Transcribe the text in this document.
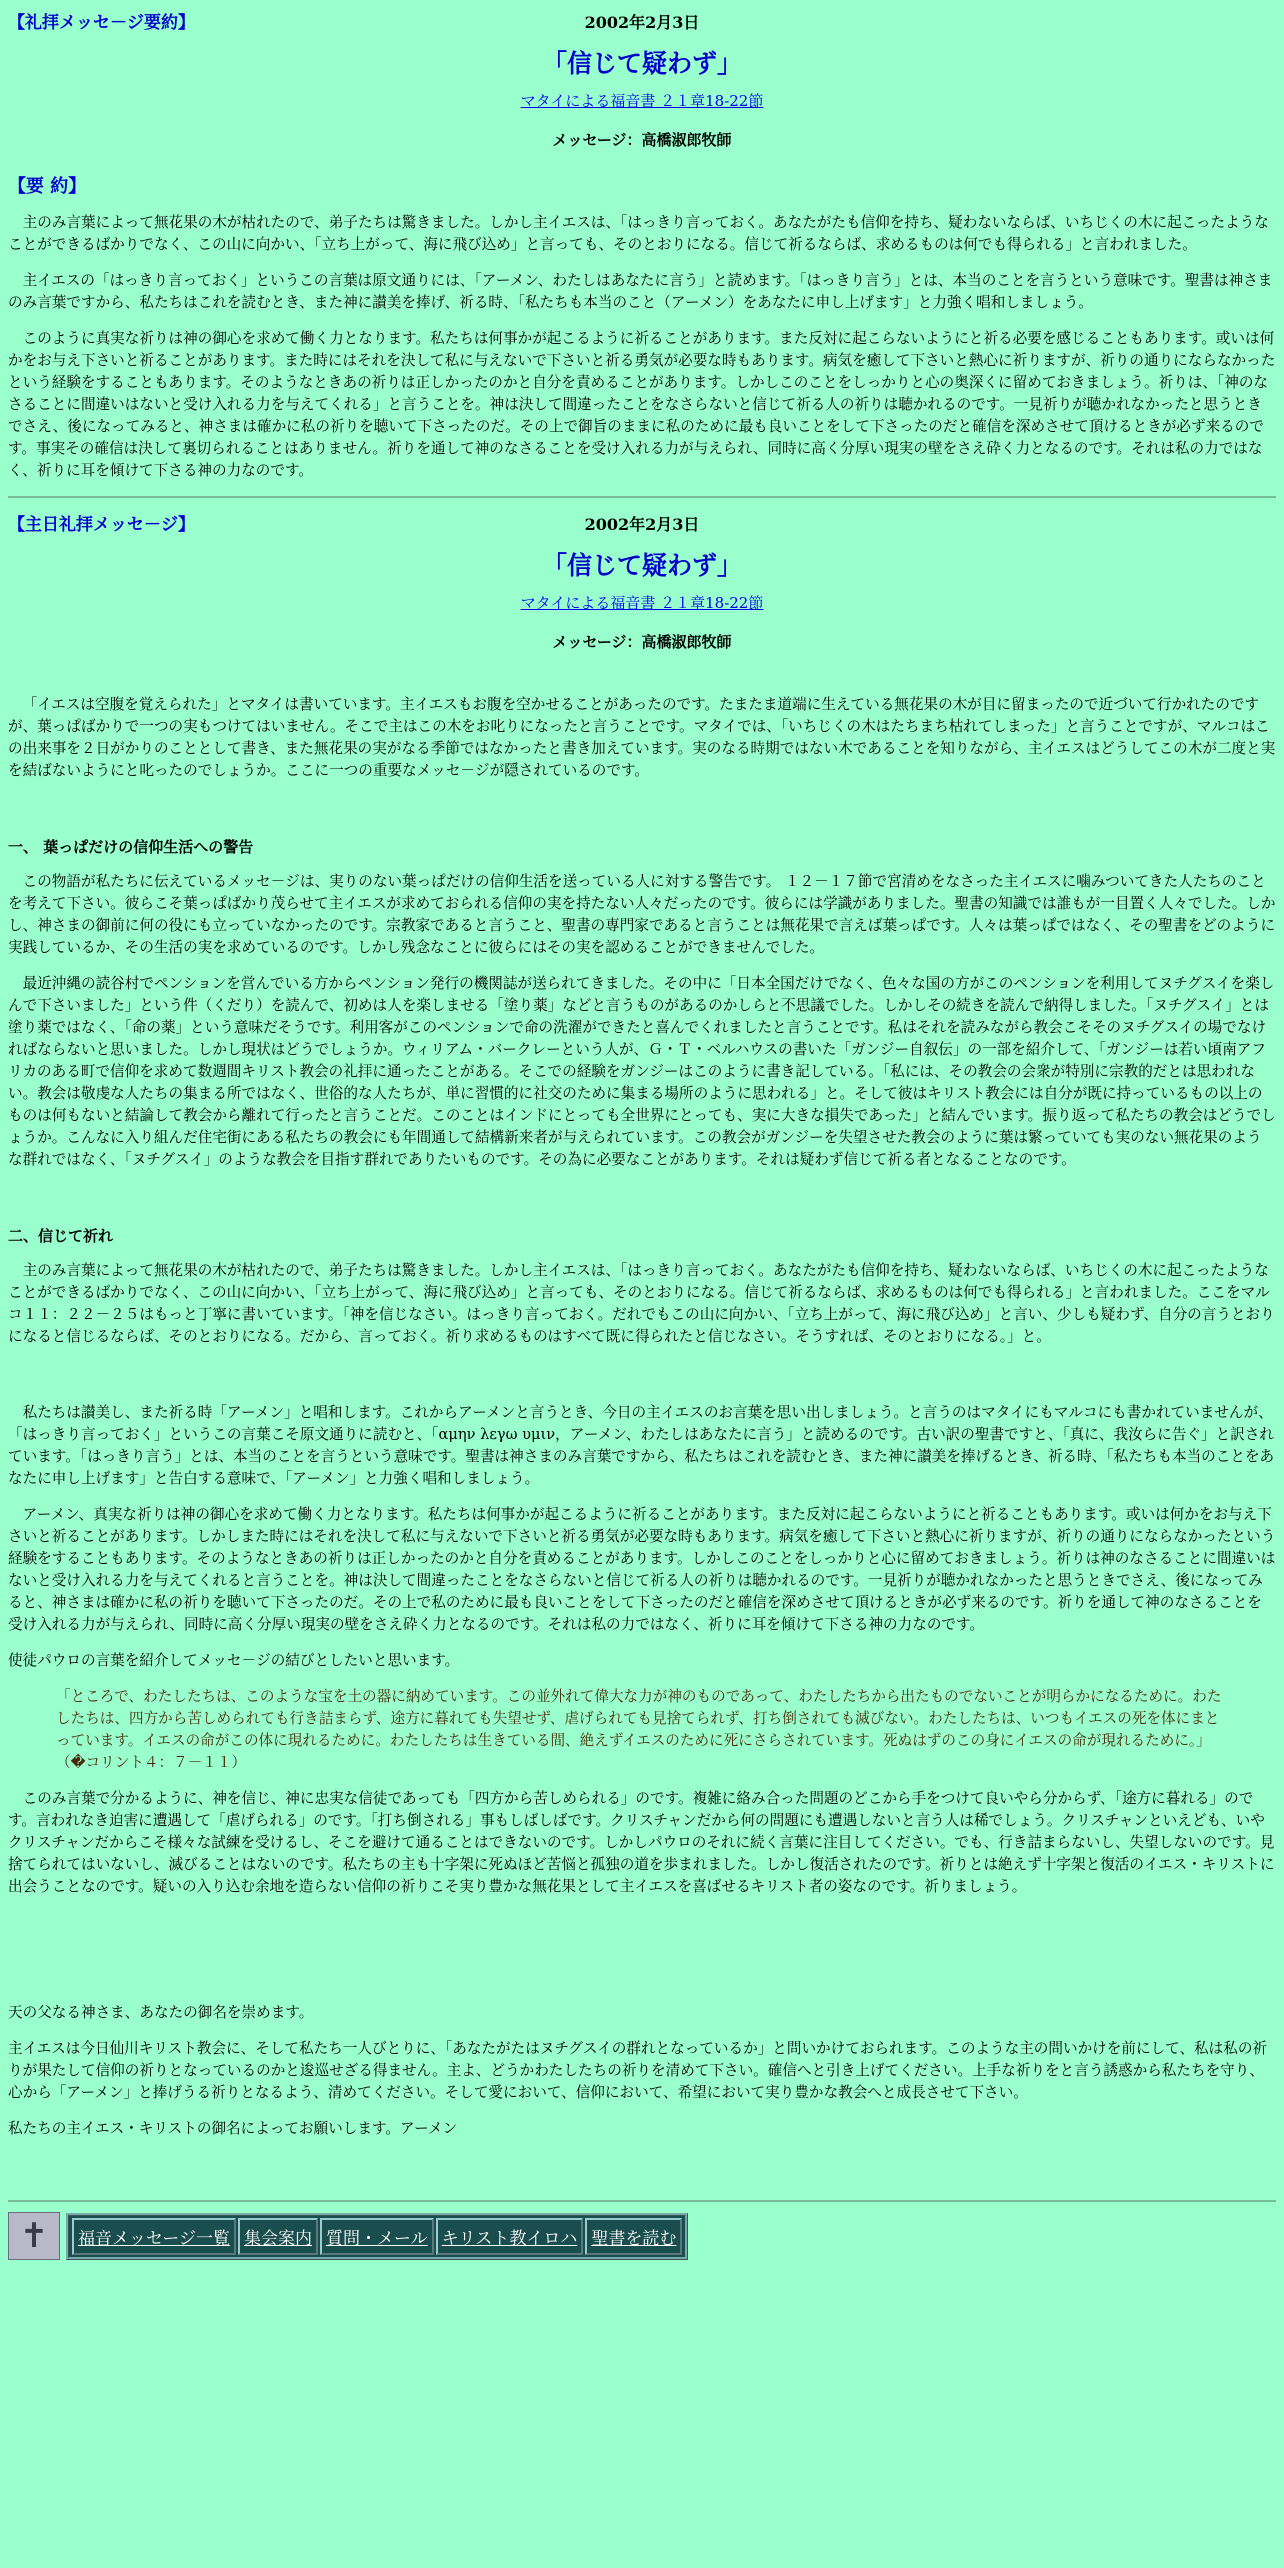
【礼拝メッセ－ジ要約】	2002年2月3日
「信じて疑わず」
マタイによる福音書 ２１章18-22節
メッセージ：高橋淑郎牧師
【要 約】

主のみ言葉によって無花果の木が枯れたので、弟子たちは驚きました。しかし主イエスは、「はっきり言っておく。あなたがたも信仰を持ち、疑わないならば、いちじくの木に起こったようなことができるばかりでなく、この山に向かい、「立ち上がって、海に飛び込め」と言っても、そのとおりになる。信じて祈るならば、求めるものは何でも得られる」と言われました。

主イエスの「はっきり言っておく」というこの言葉は原文通りには、「アーメン、わたしはあなたに言う」と読めます。「はっきり言う」とは、本当のことを言うという意味です。聖書は神さまのみ言葉ですから、私たちはこれを読むとき、また神に讃美を捧げ、祈る時、「私たちも本当のこと（アーメン）をあなたに申し上げます」と力強く唱和しましょう。

このように真実な祈りは神の御心を求めて働く力となります。私たちは何事かが起こるように祈ることがあります。また反対に起こらないようにと祈る必要を感じることもあります。或いは何かをお与え下さいと祈ることがあります。また時にはそれを決して私に与えないで下さいと祈る勇気が必要な時もあります。病気を癒して下さいと熱心に祈りますが、祈りの通りにならなかったという経験をすることもあります。そのようなときあの祈りは正しかったのかと自分を責めることがあります。しかしこのことをしっかりと心の奥深くに留めておきましょう。祈りは、「神のなさることに間違いはないと受け入れる力を与えてくれる」と言うことを。神は決して間違ったことをなさらないと信じて祈る人の祈りは聴かれるのです。一見祈りが聴かれなかったと思うときでさえ、後になってみると、神さまは確かに私の祈りを聴いて下さったのだ。その上で御旨のままに私のために最も良いことをして下さったのだと確信を深めさせて頂けるときが必ず来るのです。事実その確信は決して裏切られることはありません。祈りを通して神のなさることを受け入れる力が与えられ、同時に高く分厚い現実の壁をさえ砕く力となるのです。それは私の力ではなく、祈りに耳を傾けて下さる神の力なのです。

【主日礼拝メッセ－ジ】	2002年2月3日
「信じて疑わず」
マタイによる福音書 ２１章18-22節
メッセージ：高橋淑郎牧師

「イエスは空腹を覚えられた」とマタイは書いています。主イエスもお腹を空かせることがあったのです。たまたま道端に生えている無花果の木が目に留まったので近づいて行かれたのですが、葉っぱばかりで一つの実もつけてはいません。そこで主はこの木をお叱りになったと言うことです。マタイでは、「いちじくの木はたちまち枯れてしまった」と言うことですが、マルコはこの出来事を２日がかりのこととして書き、また無花果の実がなる季節ではなかったと書き加えています。実のなる時期ではない木であることを知りながら、主イエスはどうしてこの木が二度と実を結ばないようにと叱ったのでしょうか。ここに一つの重要なメッセ－ジが隠されているのです。

一、 葉っぱだけの信仰生活への警告

この物語が私たちに伝えているメッセ－ジは、実りのない葉っぱだけの信仰生活を送っている人に対する警告です。 １２－１７節で宮清めをなさった主イエスに噛みついてきた人たちのことを考えて下さい。彼らこそ葉っぱばかり茂らせて主イエスが求めておられる信仰の実を持たない人々だったのです。彼らには学識がありました。聖書の知識では誰もが一目置く人々でした。しかし、神さまの御前に何の役にも立っていなかったのです。宗教家であると言うこと、聖書の専門家であると言うことは無花果で言えば葉っぱです。人々は葉っぱではなく、その聖書をどのように実践しているか、その生活の実を求めているのです。しかし残念なことに彼らにはその実を認めることができませんでした。

最近沖縄の読谷村でペンションを営んでいる方からペンション発行の機関誌が送られてきました。その中に「日本全国だけでなく、色々な国の方がこのペンションを利用してヌチグスイを楽しんで下さいました」という件（くだり）を読んで、初めは人を楽しませる「塗り薬」などと言うものがあるのかしらと不思議でした。しかしその続きを読んで納得しました。「ヌチグスイ」とは塗り薬ではなく、「命の薬」という意味だそうです。利用客がこのペンションで命の洗濯ができたと喜んでくれましたと言うことです。私はそれを読みながら教会こそそのヌチグスイの場でなければならないと思いました。しかし現状はどうでしょうか。ウィリアム・バークレーという人が、Ｇ・Ｔ・ベルハウスの書いた「ガンジー自叙伝」の一部を紹介して、「ガンジーは若い頃南アフリカのある町で信仰を求めて数週間キリスト教会の礼拝に通ったことがある。そこでの経験をガンジーはこのように書き記している。「私には、その教会の会衆が特別に宗教的だとは思われない。教会は敬虔な人たちの集まる所ではなく、世俗的な人たちが、単に習慣的に社交のために集まる場所のように思われる」と。そして彼はキリスト教会には自分が既に持っているもの以上のものは何もないと結論して教会から離れて行ったと言うことだ。このことはインドにとっても全世界にとっても、実に大きな損失であった」と結んでいます。振り返って私たちの教会はどうでしょうか。こんなに入り組んだ住宅街にある私たちの教会にも年間通して結構新来者が与えられています。この教会がガンジーを失望させた教会のように葉は繁っていても実のない無花果のような群れではなく、「ヌチグスイ」のような教会を目指す群れでありたいものです。その為に必要なことがあります。それは疑わず信じて祈る者となることなのです。

二、信じて祈れ

主のみ言葉によって無花果の木が枯れたので、弟子たちは驚きました。しかし主イエスは、「はっきり言っておく。あなたがたも信仰を持ち、疑わないならば、いちじくの木に起こったようなことができるばかりでなく、この山に向かい、「立ち上がって、海に飛び込め」と言っても、そのとおりになる。信じて祈るならば、求めるものは何でも得られる」と言われました。ここをマルコ１１：２２－２５はもっと丁寧に書いています。「神を信じなさい。はっきり言っておく。だれでもこの山に向かい、「立ち上がって、海に飛び込め」と言い、少しも疑わず、自分の言うとおりになると信じるならば、そのとおりになる。だから、言っておく。祈り求めるものはすべて既に得られたと信じなさい。そうすれば、そのとおりになる。」と。

私たちは讃美し、また祈る時「アーメン」と唱和します。これからアーメンと言うとき、今日の主イエスのお言葉を思い出しましょう。と言うのはマタイにもマルコにも書かれていませんが、「はっきり言っておく」というこの言葉こそ原文通りに読むと、「αμην λεγω υμιν，アーメン、わたしはあなたに言う」と読めるのです。古い訳の聖書ですと、「真に、我汝らに告ぐ」と訳されています。「はっきり言う」とは、本当のことを言うという意味です。聖書は神さまのみ言葉ですから、私たちはこれを読むとき、また神に讃美を捧げるとき、祈る時、「私たちも本当のことをあなたに申し上げます」と告白する意味で、「アーメン」と力強く唱和しましょう。

アーメン、真実な祈りは神の御心を求めて働く力となります。私たちは何事かが起こるように祈ることがあります。また反対に起こらないようにと祈ることもあります。或いは何かをお与え下さいと祈ることがあります。しかしまた時にはそれを決して私に与えないで下さいと祈る勇気が必要な時もあります。病気を癒して下さいと熱心に祈りますが、祈りの通りにならなかったという経験をすることもあります。そのようなときあの祈りは正しかったのかと自分を責めることがあります。しかしこのことをしっかりと心に留めておきましょう。祈りは神のなさることに間違いはないと受け入れる力を与えてくれると言うことを。神は決して間違ったことをなさらないと信じて祈る人の祈りは聴かれるのです。一見祈りが聴かれなかったと思うときでさえ、後になってみると、神さまは確かに私の祈りを聴いて下さったのだ。その上で私のために最も良いことをして下さったのだと確信を深めさせて頂けるときが必ず来るのです。祈りを通して神のなさることを受け入れる力が与えられ、同時に高く分厚い現実の壁をさえ砕く力となるのです。それは私の力ではなく、祈りに耳を傾けて下さる神の力なのです。

使徒パウロの言葉を紹介してメッセ－ジの結びとしたいと思います。

「ところで、わたしたちは、このような宝を土の器に納めています。この並外れて偉大な力が神のものであって、わたしたちから出たものでないことが明らかになるために。わたしたちは、四方から苦しめられても行き詰まらず、途方に暮れても失望せず、虐げられても見捨てられず、打ち倒されても滅びない。わたしたちは、いつもイエスの死を体にまとっています。イエスの命がこの体に現れるために。わたしたちは生きている間、絶えずイエスのために死にさらされています。死ぬはずのこの身にイエスの命が現れるために。」（�コリント４：７－１１）

このみ言葉で分かるように、神を信じ、神に忠実な信徒であっても「四方から苦しめられる」のです。複雑に絡み合った問題のどこから手をつけて良いやら分からず、「途方に暮れる」のです。言われなき迫害に遭遇して「虐げられる」のです。「打ち倒される」事もしばしばです。クリスチャンだから何の問題にも遭遇しないと言う人は稀でしょう。クリスチャンといえども、いやクリスチャンだからこそ様々な試練を受けるし、そこを避けて通ることはできないのです。しかしパウロのそれに続く言葉に注目してください。でも、行き詰まらないし、失望しないのです。見捨てられてはいないし、滅びることはないのです。私たちの主も十字架に死ぬほど苦悩と孤独の道を歩まれました。しかし復活されたのです。祈りとは絶えず十字架と復活のイエス・キリストに出会うことなのです。疑いの入り込む余地を造らない信仰の祈りこそ実り豊かな無花果として主イエスを喜ばせるキリスト者の姿なのです。祈りましょう。

天の父なる神さま、あなたの御名を崇めます。

主イエスは今日仙川キリスト教会に、そして私たち一人びとりに、「あなたがたはヌチグスイの群れとなっているか」と問いかけておられます。このような主の問いかけを前にして、私は私の祈りが果たして信仰の祈りとなっているのかと逡巡せざる得ません。主よ、どうかわたしたちの祈りを清めて下さい。確信へと引き上げてください。上手な祈りをと言う誘惑から私たちを守り、心から「アーメン」と捧げうる祈りとなるよう、清めてください。そして愛において、信仰において、希望において実り豊かな教会へと成長させて下さい。

私たちの主イエス・キリストの御名によってお願いします。アーメン

✝	福音メッセージ一覧 集会案内 質問・メール キリスト教イロハ 聖書を読む
